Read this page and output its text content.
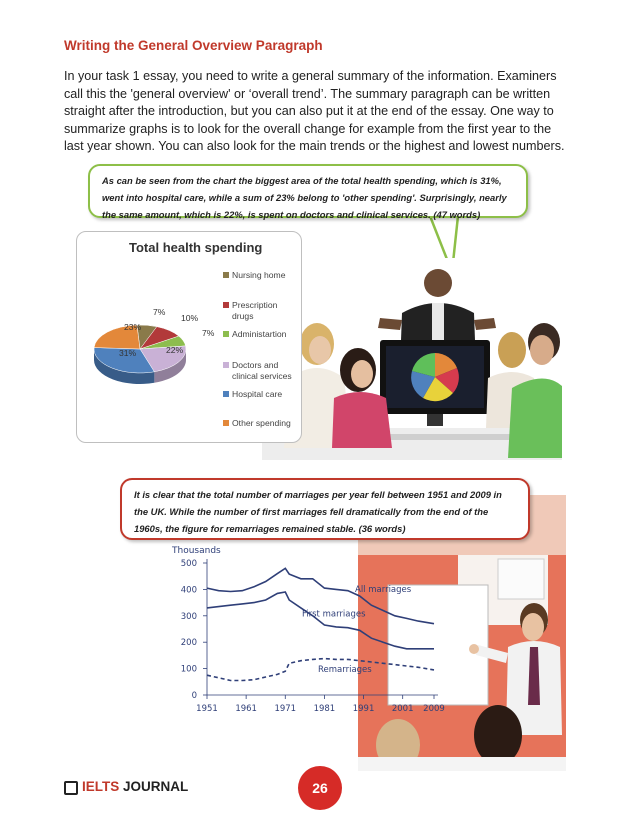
Writing the General Overview Paragraph
In your task 1 essay, you need to write a general summary of the information. Examiners call this the 'general overview' or ‘overall trend’. The summary paragraph can be written straight after the introduction, but you can also put it at the end of the essay. One way to summarize graphs is to look for the overall change for example from the first year to the last year shown. You can also look for the main trends or the highest and lowest numbers.
As can be seen from the chart the biggest area of the total health spending, which is 31%, went into hospital care, while a sum of 23% belong to 'other spending'. Surprisingly, nearly the same amount, which is 22%, is spent on doctors and clinical services. (47 words)
Total health spending
7%
10%
7%
22%
31%
23%
Nursing home
Prescription drugs
Administartion
Doctors and clinical services
Hospital care
Other spending
It is clear that the total number of marriages per year fell between 1951 and 2009 in the UK. While the number of first marriages fell dramatically from the end of the 1960s, the figure for remarriages remained stable. (36 words)
Thousands
0
100
200
300
400
500
1951 1961 1971 1981 1991 2001 2009
All marriages
First marriages
Remarriages
IELTS JOURNAL	26
